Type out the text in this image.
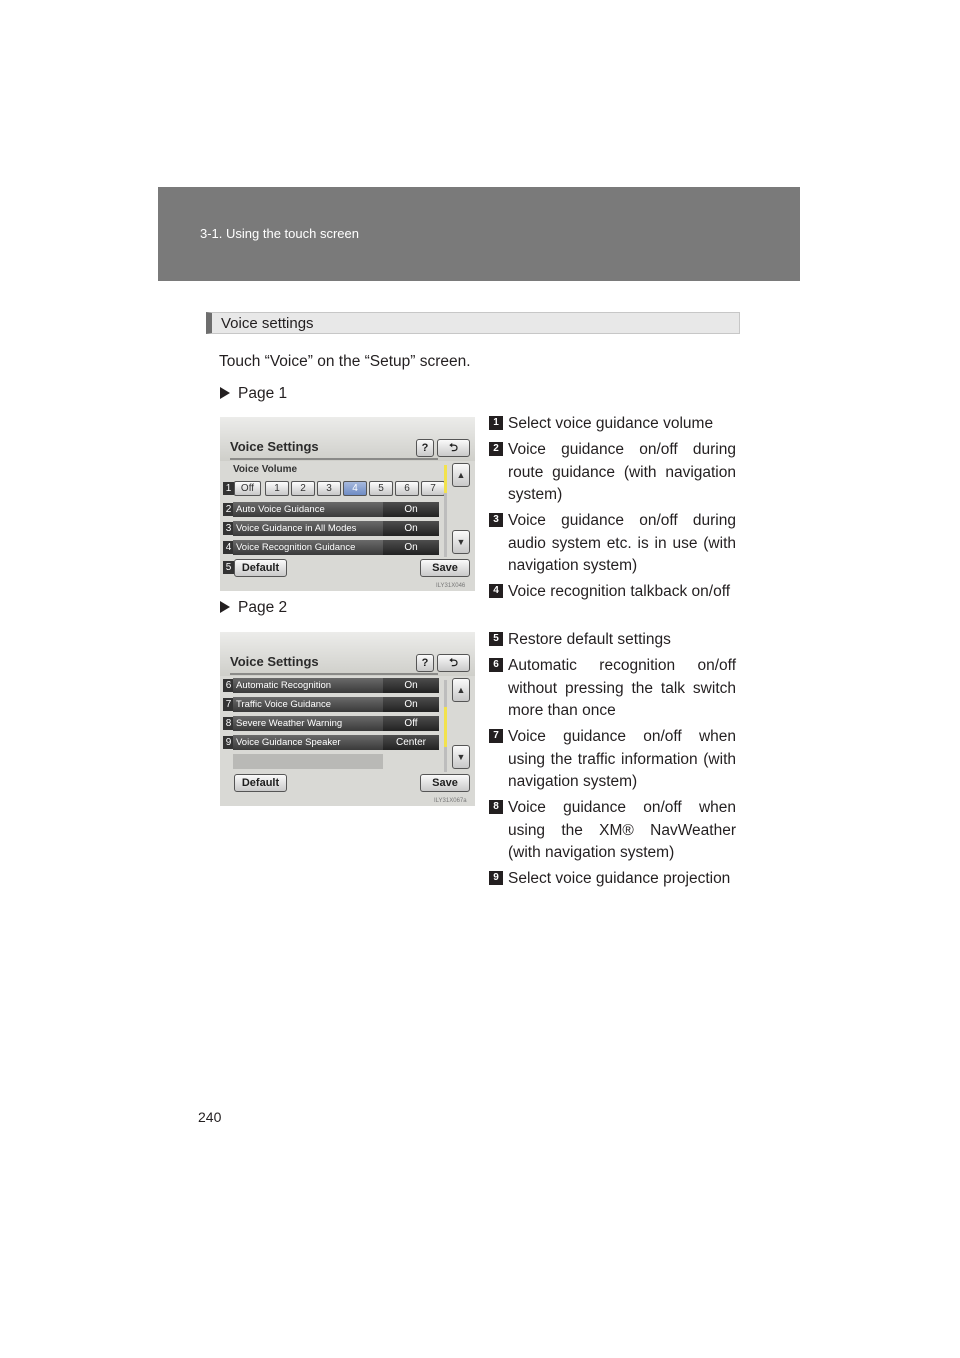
3-1. Using the touch screen
Voice settings
Touch “Voice” on the “Setup” screen.
Page 1
Voice Settings	?	⮌
Voice Volume
1 Off	1	2	3	4	5	6	7
2 Auto Voice Guidance	On
3 Voice Guidance in All Modes	On
4 Voice Recognition Guidance	On
▲
▼
5 Default	Save
ILY31X046
Page 2
Voice Settings	?	⮌
6 Automatic Recognition	On
7 Traffic Voice Guidance	On
8 Severe Weather Warning	Off
9 Voice Guidance Speaker	Center
▲
▼
Default	Save
ILY31X067a
1 Select voice guidance volume
2 Voice guidance on/off during route guidance (with navigation system)
3 Voice guidance on/off during audio system etc. is in use (with navigation system)
4 Voice recognition talkback on/off
5 Restore default settings
6 Automatic recognition on/off without pressing the talk switch more than once
7 Voice guidance on/off when using the traffic information (with navigation system)
8 Voice guidance on/off when using the XM® NavWeather (with navigation system)
9 Select voice guidance projection
240
